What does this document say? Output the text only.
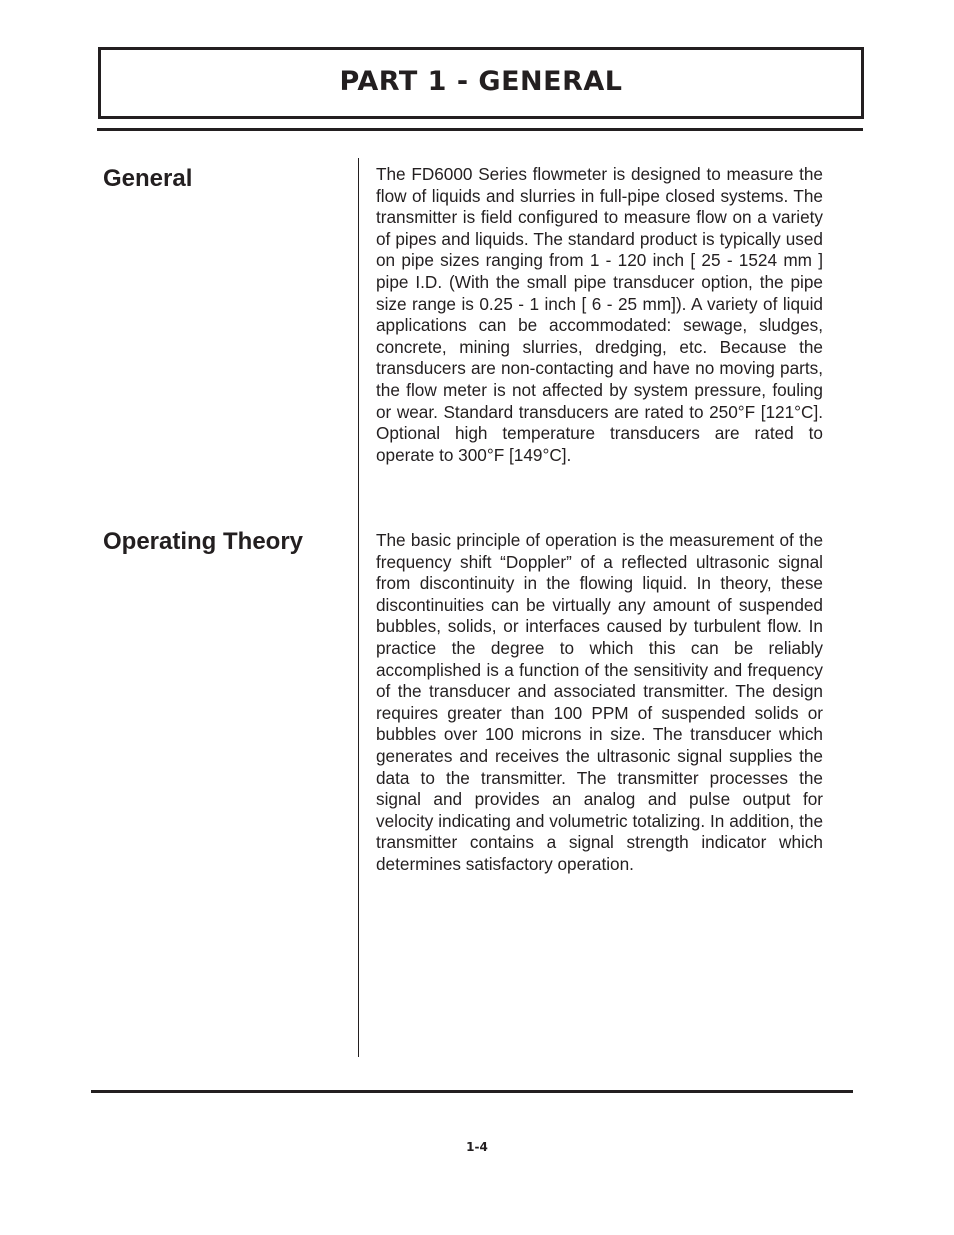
PART 1 - GENERAL
General	The FD6000 Series flowmeter is designed to measure the flow of liquids and slurries in full-pipe closed systems. The transmitter is field configured to measure flow on a variety of pipes and liquids. The standard product is typically used on pipe sizes ranging from 1 - 120 inch [ 25 - 1524 mm ] pipe I.D. (With the small pipe transducer option, the pipe size range is 0.25 - 1 inch [ 6 - 25 mm]). A variety of liquid applications can be accommodated: sewage, sludges, concrete, mining slurries, dredging, etc. Because the transducers are non-contacting and have no moving parts, the flow meter is not affected by system pressure, fouling or wear. Standard transducers are rated to 250°F [121°C]. Optional high temperature transducers are rated to operate to 300°F [149°C].

Operating Theory	The basic principle of operation is the measurement of the frequency shift “Doppler” of a reflected ultrasonic signal from discontinuity in the flowing liquid. In theory, these discontinuities can be virtually any amount of suspended bubbles, solids, or interfaces caused by turbulent flow. In practice the degree to which this can be reliably accomplished is a function of the sensitivity and frequency of the transducer and associated transmitter. The design requires greater than 100 PPM of suspended solids or bubbles over 100 microns in size. The transducer which generates and receives the ultrasonic signal supplies the data to the transmitter. The transmitter processes the signal and provides an analog and pulse output for velocity indicating and volumetric totalizing. In addition, the transmitter contains a signal strength indicator which determines satisfactory operation.

1-4
